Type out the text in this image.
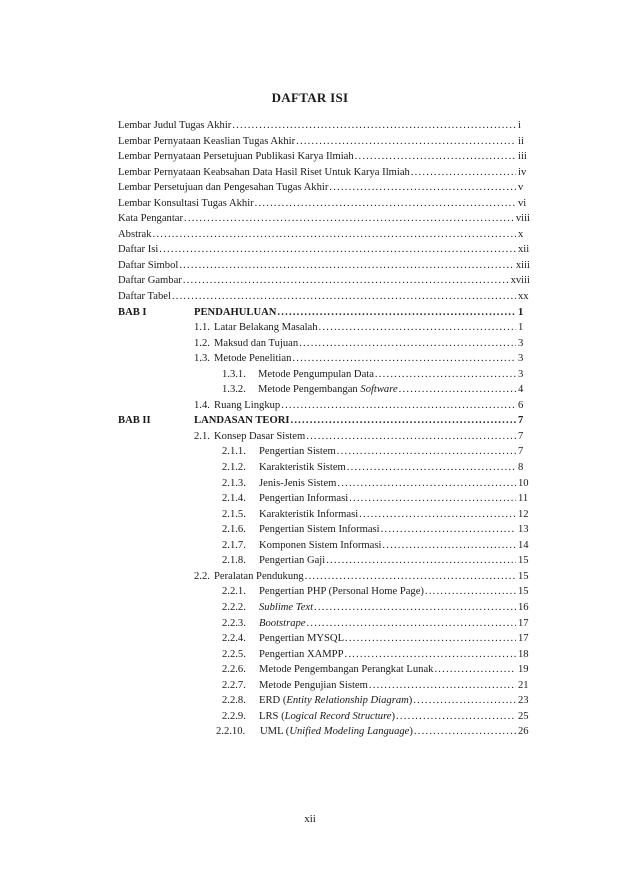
DAFTAR ISI
Lembar Judul Tugas Akhir .....	i
Lembar Pernyataan Keaslian Tugas Akhir .....	ii
Lembar Pernyataan Persetujuan Publikasi Karya Ilmiah .....	iii
Lembar Pernyataan Keabsahan Data Hasil Riset Untuk Karya Ilmiah .....	iv
Lembar Persetujuan dan Pengesahan Tugas Akhir .....	v
Lembar Konsultasi Tugas Akhir .....	vi
Kata Pengantar .....	viii
Abstrak .....	x
Daftar Isi .....	xii
Daftar Simbol .....	xiii
Daftar Gambar .....	xviii
Daftar Tabel .....	xx
BAB I	PENDAHULUAN .....	1
1.1. Latar Belakang Masalah .....	1
1.2. Maksud dan Tujuan .....	3
1.3. Metode Penelitian .....	3
1.3.1.	Metode Pengumpulan Data .....	3
1.3.2.	Metode Pengembangan Software .....	4
1.4. Ruang Lingkup .....	6
BAB II	LANDASAN TEORI .....	7
2.1. Konsep Dasar Sistem .....	7
2.1.1.	Pengertian Sistem .....	7
2.1.2.	Karakteristik Sistem .....	8
2.1.3.	Jenis-Jenis Sistem .....	10
2.1.4.	Pengertian Informasi .....	11
2.1.5.	Karakteristik Informasi .....	12
2.1.6.	Pengertian Sistem Informasi .....	13
2.1.7.	Komponen Sistem Informasi .....	14
2.1.8.	Pengertian Gaji .....	15
2.2. Peralatan Pendukung .....	15
2.2.1.	Pengertian PHP (Personal Home Page) .....	15
2.2.2.	Sublime Text .....	16
2.2.3.	Bootstrape .....	17
2.2.4.	Pengertian MYSQL .....	17
2.2.5.	Pengertian XAMPP .....	18
2.2.6.	Metode Pengembangan Perangkat Lunak .....	19
2.2.7.	Metode Pengujian Sistem .....	21
2.2.8.	ERD (Entity Relationship Diagram) .....	23
2.2.9.	LRS (Logical Record Structure) .....	25
2.2.10.	UML (Unified Modeling Language) .....	26
xii
